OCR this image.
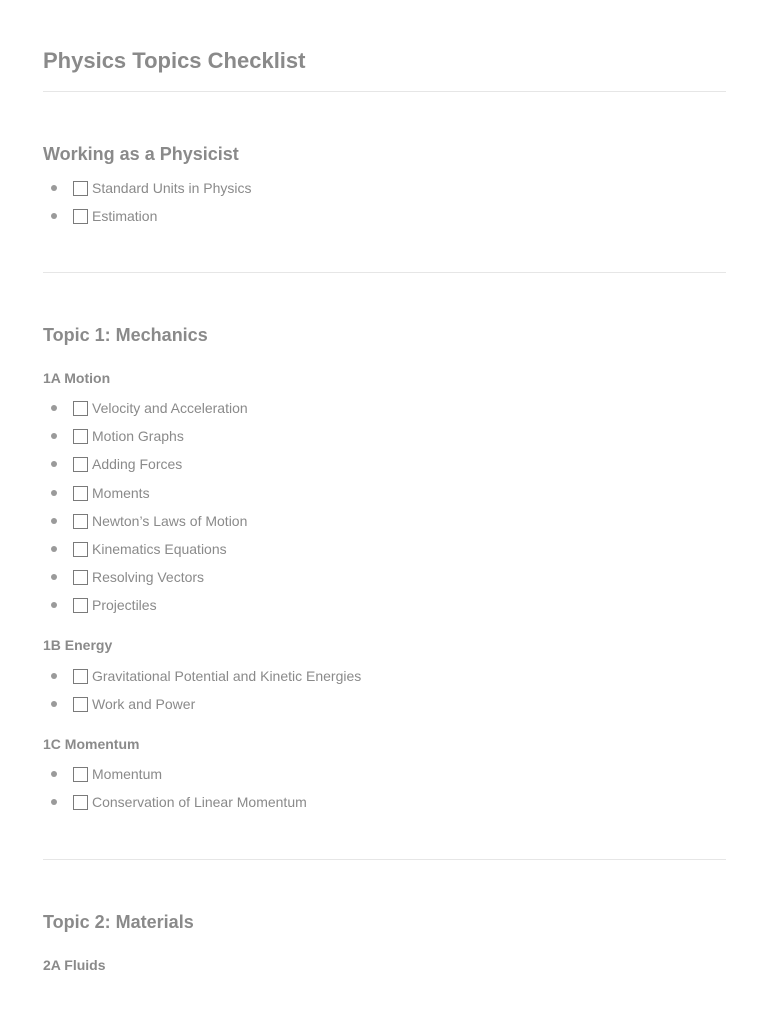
Physics Topics Checklist
Working as a Physicist
Standard Units in Physics
Estimation
Topic 1: Mechanics
1A Motion
Velocity and Acceleration
Motion Graphs
Adding Forces
Moments
Newton’s Laws of Motion
Kinematics Equations
Resolving Vectors
Projectiles
1B Energy
Gravitational Potential and Kinetic Energies
Work and Power
1C Momentum
Momentum
Conservation of Linear Momentum
Topic 2: Materials
2A Fluids
